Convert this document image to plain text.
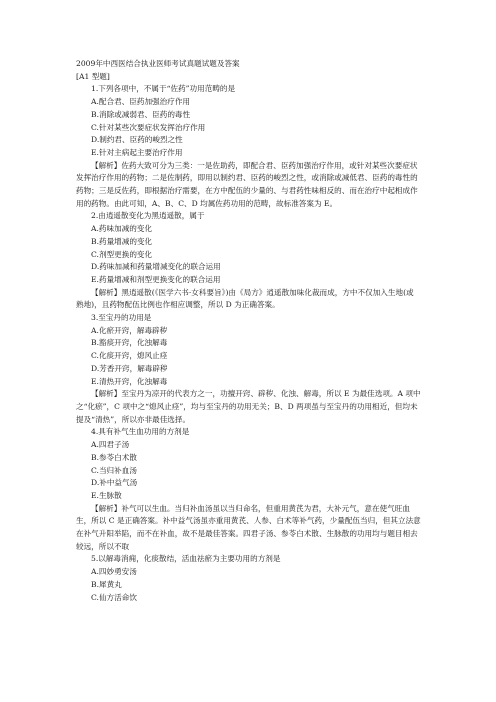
2009年中西医结合执业医师考试真题试题及答案
[A1 型题]
1.下列各项中，不属于“佐药”功用范畴的是
A.配合君、臣药加强治疗作用
B.消除或减弱君、臣药的毒性
C.针对某些次要症状发挥治疗作用
D.制约君、臣药的峻烈之性
E.针对主病起主要治疗作用
【解析】佐药大致可分为三类：一是佐助药，即配合君、臣药加强治疗作用，或针对某些次要症状发挥治疗作用的药物；二是佐制药，即用以制约君、臣药的峻烈之性，或消除或减低君、臣药的毒性的药物；三是反佐药，即根据治疗需要，在方中配伍的少量的、与君药性味相反的、而在治疗中起相成作用的药物。由此可知，A、B、C、D 均属佐药功用的范畴，故标准答案为 E。
2.由逍遥散变化为黑逍遥散，属于
A.药味加减的变化
B.药量增减的变化
C.剂型更换的变化
D.药味加减和药量增减变化的联合运用
E.药量增减和剂型更换变化的联合运用
【解析】黑逍遥散(《医学六书·女科要旨》)由《局方》逍遥散加味化裁而成，方中不仅加入生地(或熟地)，且药物配伍比例也作相应调整，所以 D 为正确答案。
3.至宝丹的功用是
A.化瘀开窍，解毒辟秽
B.豁痰开窍，化浊解毒
C.化痰开窍，熄风止痉
D.芳香开窍，解毒辟秽
E.清热开窍，化浊解毒
【解析】至宝丹为凉开的代表方之一，功擅开窍、辟秽、化浊、解毒，所以 E 为最佳选项。A 项中之“化瘀”，C 项中之“熄风止痉”，均与至宝丹的功用无关；B、D 两项虽与至宝丹的功用相近，但均未提及“清热”，所以亦非最佳选择。
4.具有补气生血功用的方剂是
A.四君子汤
B.参苓白术散
C.当归补血汤
D.补中益气汤
E.生脉散
【解析】补气可以生血。当归补血汤虽以当归命名，但重用黄芪为君，大补元气，意在使气旺血生，所以 C 是正确答案。补中益气汤虽亦重用黄芪、人参、白术等补气药，少量配伍当归，但其立法意在补气升阳举陷，而不在补血，故不是最佳答案。四君子汤、参苓白术散、生脉散的功用均与题目相去较远，所以不取
5.以解毒消痈，化痰散结，活血祛瘀为主要功用的方剂是
A.四妙勇安汤
B.犀黄丸
C.仙方活命饮
